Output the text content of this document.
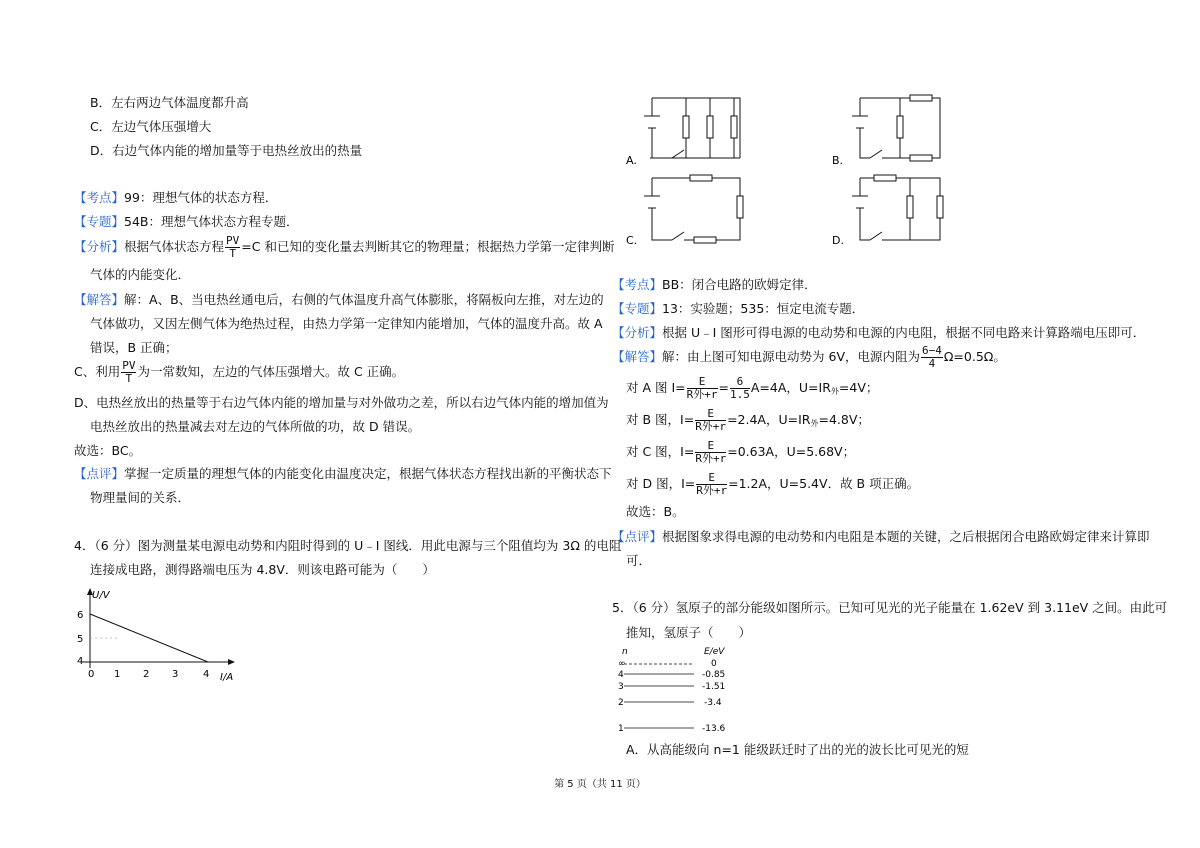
B．左右两边气体温度都升高
C．左边气体压强增大
D．右边气体内能的增加量等于电热丝放出的热量
【考点】99：理想气体的状态方程．
【专题】54B：理想气体状态方程专题．
【分析】根据气体状态方程 $\frac{PV}{T} =C$ 和已知的变化量去判断其它的物理量；根据热力学第一定律判断
气体的内能变化．
【解答】解：A、B、当电热丝通电后，右侧的气体温度升高气体膨胀，将隔板向左推，对左边的
气体做功，又因左侧气体为绝热过程，由热力学第一定律知内能增加，气体的温度升高。故 A
错误，B 正确；
C、利用 $\frac{PV}{T}$ 为一常数知，左边的气体压强增大。故 C 正确。
D、电热丝放出的热量等于右边气体内能的增加量与对外做功之差，所以右边气体内能的增加值为
电热丝放出的热量减去对左边的气体所做的功，故 D 错误。
故选：BC。
【点评】掌握一定质量的理想气体的内能变化由温度决定，根据气体状态方程找出新的平衡状态下
物理量间的关系．
4．（6 分）图为测量某电源电动势和内阻时得到的 U﹣I 图线．用此电源与三个阻值均为 3Ω 的电阻
连接成电路，测得路端电压为 4.8V．则该电路可能为（　　）
U/V
I/A
6
5
4
0 1 2 3 4
A.	B.
C.	D.
【考点】BB：闭合电路的欧姆定律．
【专题】13：实验题；535：恒定电流专题．
【分析】根据 U﹣I 图形可得电源的电动势和电源的内电阻，根据不同电路来计算路端电压即可．
【解答】解：由上图可知电源电动势为 6V，电源内阻为 $\frac{6-4}{4} \Omega=0.5\Omega$。
对 A 图 $I= \frac{E}{\text{R外+r}} = \frac{6}{1.5} A=4A$，$U=IR_外=4V$；
对 B 图，$I= \frac{E}{\text{R外+r}} =2.4A$，$U=IR_外=4.8V$；
对 C 图，$I= \frac{E}{\text{R外+r}} =0.63A$，U=5.68V；
对 D 图，$I= \frac{E}{\text{R外+r}} =1.2A$，U=5.4V．故 B 项正确。
故选：B。
【点评】根据图象求得电源的电动势和内电阻是本题的关键，之后根据闭合电路欧姆定律来计算即
可．
5．（6 分）氢原子的部分能级如图所示。已知可见光的光子能量在 1.62eV 到 3.11eV 之间。由此可
推知，氢原子（　　）
n	E/eV
∞	0
4	-0.85
3	-1.51
2	-3.4
1	-13.6
A．从高能级向 n=1 能级跃迁时了出的光的波长比可见光的短
第 5 页（共 11 页）
